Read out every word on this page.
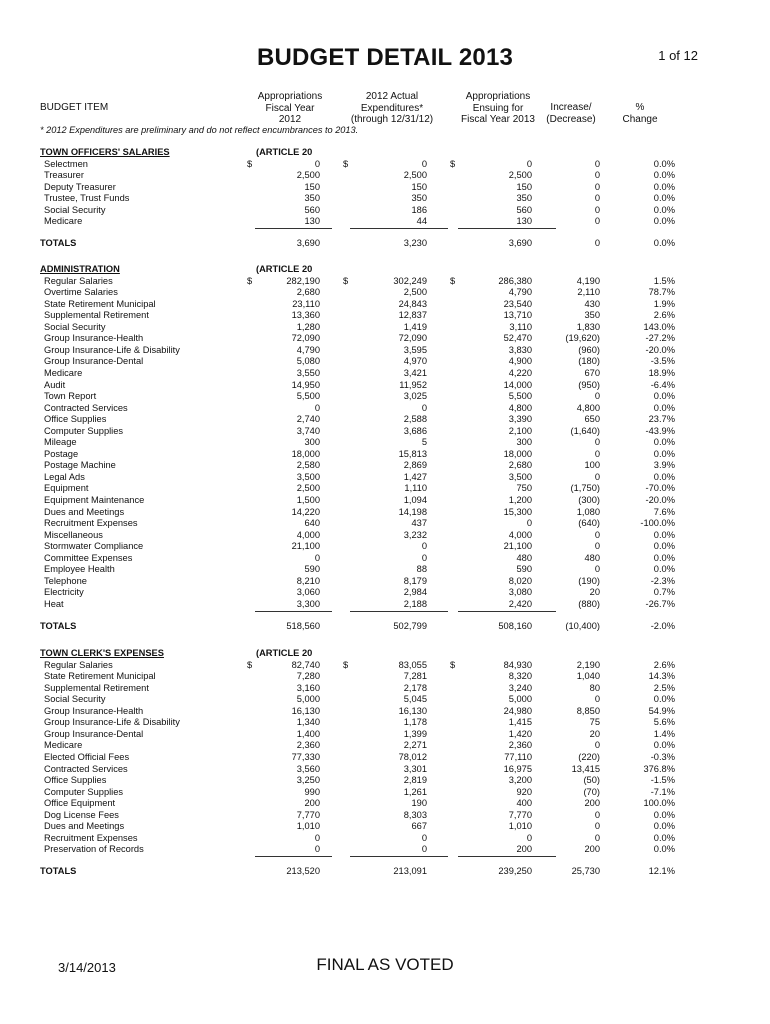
BUDGET DETAIL 2013	1 of 12
BUDGET ITEM
Appropriations
Fiscal Year
2012
2012 Actual
Expenditures*
(through 12/31/12)
Appropriations
Ensuing for
Fiscal Year 2013
Increase/
(Decrease)
%
Change
* 2012 Expenditures are preliminary and do not reflect encumbrances to 2013.
TOWN OFFICERS' SALARIES	(ARTICLE 20
Selectmen	0	0	0	0	0.0%
$	$	$
Treasurer	2,500	2,500	2,500	0	0.0%
Deputy Treasurer	150	150	150	0	0.0%
Trustee, Trust Funds	350	350	350	0	0.0%
Social Security	560	186	560	0	0.0%
Medicare	130	44	130	0	0.0%
TOTALS	3,690	3,230	3,690	0	0.0%
ADMINISTRATION	(ARTICLE 20
Regular Salaries	282,190	302,249	286,380	4,190	1.5%
$	$	$
Overtime Salaries	2,680	2,500	4,790	2,110	78.7%
State Retirement Municipal	23,110	24,843	23,540	430	1.9%
Supplemental Retirement	13,360	12,837	13,710	350	2.6%
Social Security	1,280	1,419	3,110	1,830	143.0%
Group Insurance-Health	72,090	72,090	52,470	(19,620)	-27.2%
Group Insurance-Life & Disability	4,790	3,595	3,830	(960)	-20.0%
Group Insurance-Dental	5,080	4,970	4,900	(180)	-3.5%
Medicare	3,550	3,421	4,220	670	18.9%
Audit	14,950	11,952	14,000	(950)	-6.4%
Town Report	5,500	3,025	5,500	0	0.0%
Contracted Services	0	0	4,800	4,800	0.0%
Office Supplies	2,740	2,588	3,390	650	23.7%
Computer Supplies	3,740	3,686	2,100	(1,640)	-43.9%
Mileage	300	5	300	0	0.0%
Postage	18,000	15,813	18,000	0	0.0%
Postage Machine	2,580	2,869	2,680	100	3.9%
Legal Ads	3,500	1,427	3,500	0	0.0%
Equipment	2,500	1,110	750	(1,750)	-70.0%
Equipment Maintenance	1,500	1,094	1,200	(300)	-20.0%
Dues and Meetings	14,220	14,198	15,300	1,080	7.6%
Recruitment Expenses	640	437	0	(640)	-100.0%
Miscellaneous	4,000	3,232	4,000	0	0.0%
Stormwater Compliance	21,100	0	21,100	0	0.0%
Committee Expenses	0	0	480	480	0.0%
Employee Health	590	88	590	0	0.0%
Telephone	8,210	8,179	8,020	(190)	-2.3%
Electricity	3,060	2,984	3,080	20	0.7%
Heat	3,300	2,188	2,420	(880)	-26.7%
TOTALS	518,560	502,799	508,160	(10,400)	-2.0%
TOWN CLERK'S EXPENSES	(ARTICLE 20
Regular Salaries	82,740	83,055	84,930	2,190	2.6%
$	$	$
State Retirement Municipal	7,280	7,281	8,320	1,040	14.3%
Supplemental Retirement	3,160	2,178	3,240	80	2.5%
Social Security	5,000	5,045	5,000	0	0.0%
Group Insurance-Health	16,130	16,130	24,980	8,850	54.9%
Group Insurance-Life & Disability	1,340	1,178	1,415	75	5.6%
Group Insurance-Dental	1,400	1,399	1,420	20	1.4%
Medicare	2,360	2,271	2,360	0	0.0%
Elected Official Fees	77,330	78,012	77,110	(220)	-0.3%
Contracted Services	3,560	3,301	16,975	13,415	376.8%
Office Supplies	3,250	2,819	3,200	(50)	-1.5%
Computer Supplies	990	1,261	920	(70)	-7.1%
Office Equipment	200	190	400	200	100.0%
Dog License Fees	7,770	8,303	7,770	0	0.0%
Dues and Meetings	1,010	667	1,010	0	0.0%
Recruitment Expenses	0	0	0	0	0.0%
Preservation of Records	0	0	200	200	0.0%
TOTALS	213,520	213,091	239,250	25,730	12.1%
3/14/2013	FINAL AS VOTED
